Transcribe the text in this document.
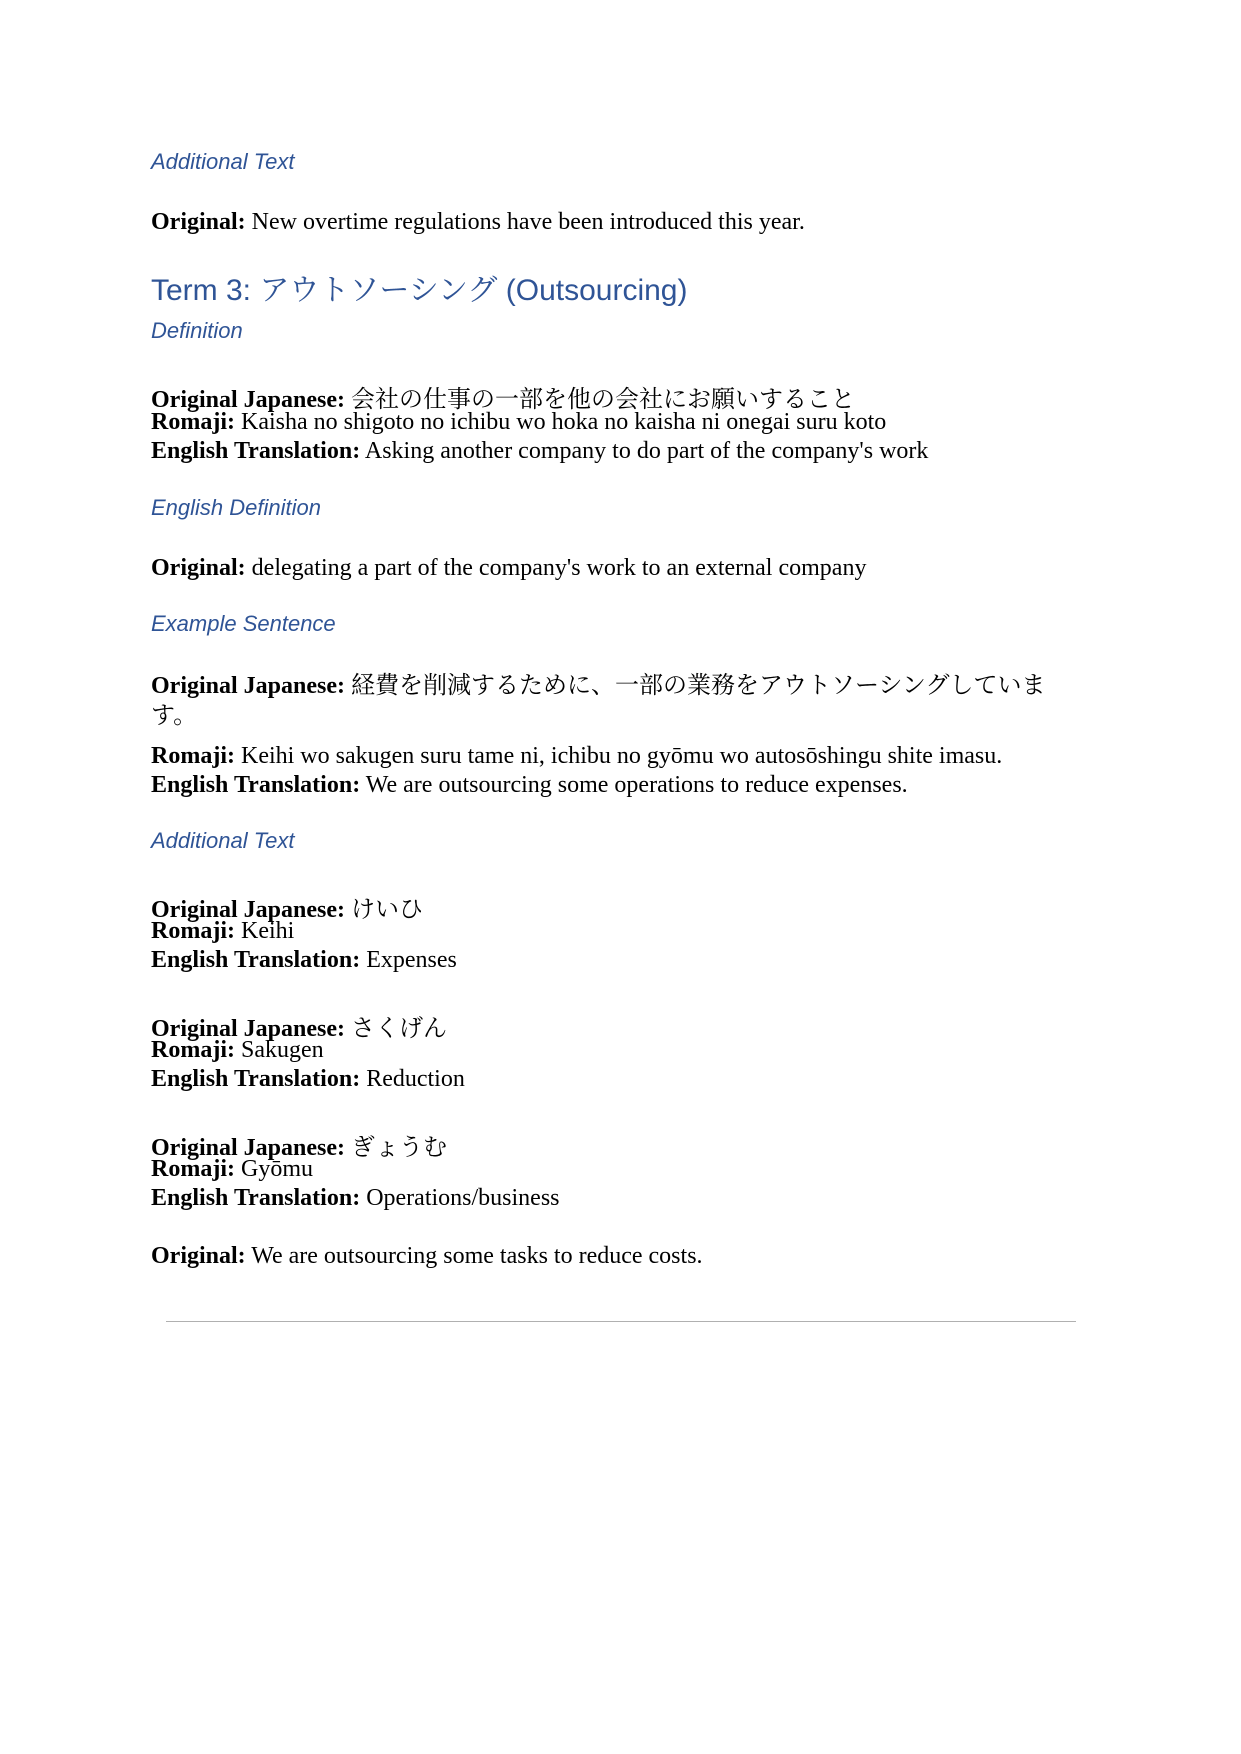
Additional Text
Original: New overtime regulations have been introduced this year.
Term 3: アウトソーシング (Outsourcing)
Definition
Original Japanese: 会社の仕事の一部を他の会社にお願いすること
Romaji: Kaisha no shigoto no ichibu wo hoka no kaisha ni onegai suru koto
English Translation: Asking another company to do part of the company's work
English Definition
Original: delegating a part of the company's work to an external company
Example Sentence
Original Japanese: 経費を削減するために、一部の業務をアウトソーシングしています。
Romaji: Keihi wo sakugen suru tame ni, ichibu no gyōmu wo autosōshingu shite imasu.
English Translation: We are outsourcing some operations to reduce expenses.
Additional Text
Original Japanese: けいひ
Romaji: Keihi
English Translation: Expenses
Original Japanese: さくげん
Romaji: Sakugen
English Translation: Reduction
Original Japanese: ぎょうむ
Romaji: Gyōmu
English Translation: Operations/business
Original: We are outsourcing some tasks to reduce costs.
